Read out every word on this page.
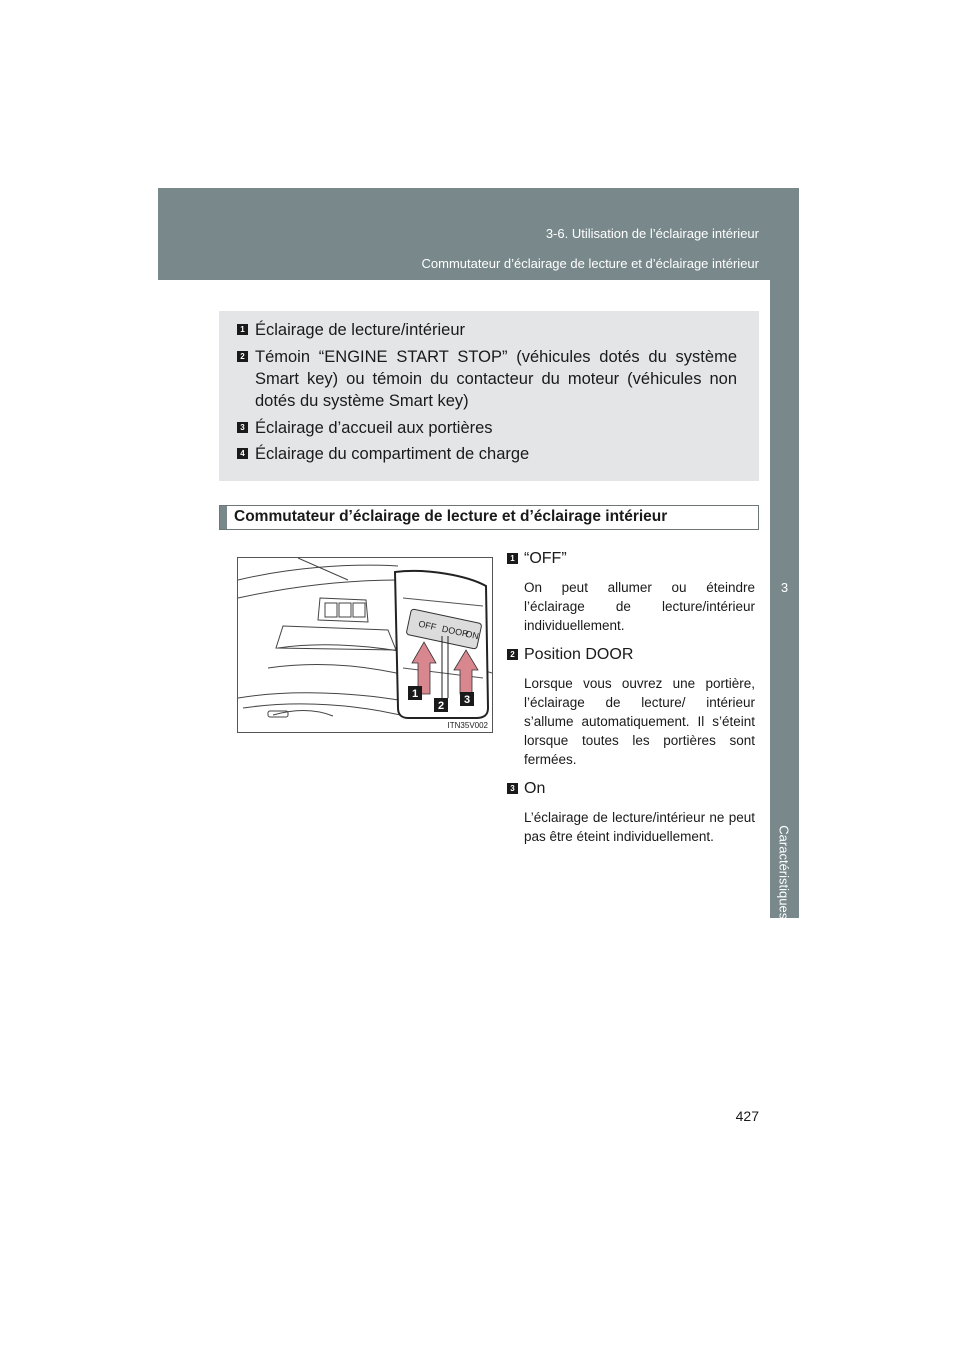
3-6. Utilisation de l’éclairage intérieur
Commutateur d’éclairage de lecture et d’éclairage intérieur
3
Caractéristiques de l’habitacle
1 Éclairage de lecture/intérieur
2 Témoin “ENGINE START STOP” (véhicules dotés du système Smart key) ou témoin du contacteur du moteur (véhicules non dotés du système Smart key)
3 Éclairage d’accueil aux portières
4 Éclairage du compartiment de charge
Commutateur d’éclairage de lecture et d’éclairage intérieur
OFF DOOR
ON
1
2 3
ITN35V002
1 “OFF”
On peut allumer ou éteindre l’éclairage de lecture/intérieur individuellement.
2 Position DOOR
Lorsque vous ouvrez une portière, l’éclairage de lecture/ intérieur s’allume automatiquement. Il s’éteint lorsque toutes les portières sont fermées.
3 On
L’éclairage de lecture/intérieur ne peut pas être éteint individuellement.
427
